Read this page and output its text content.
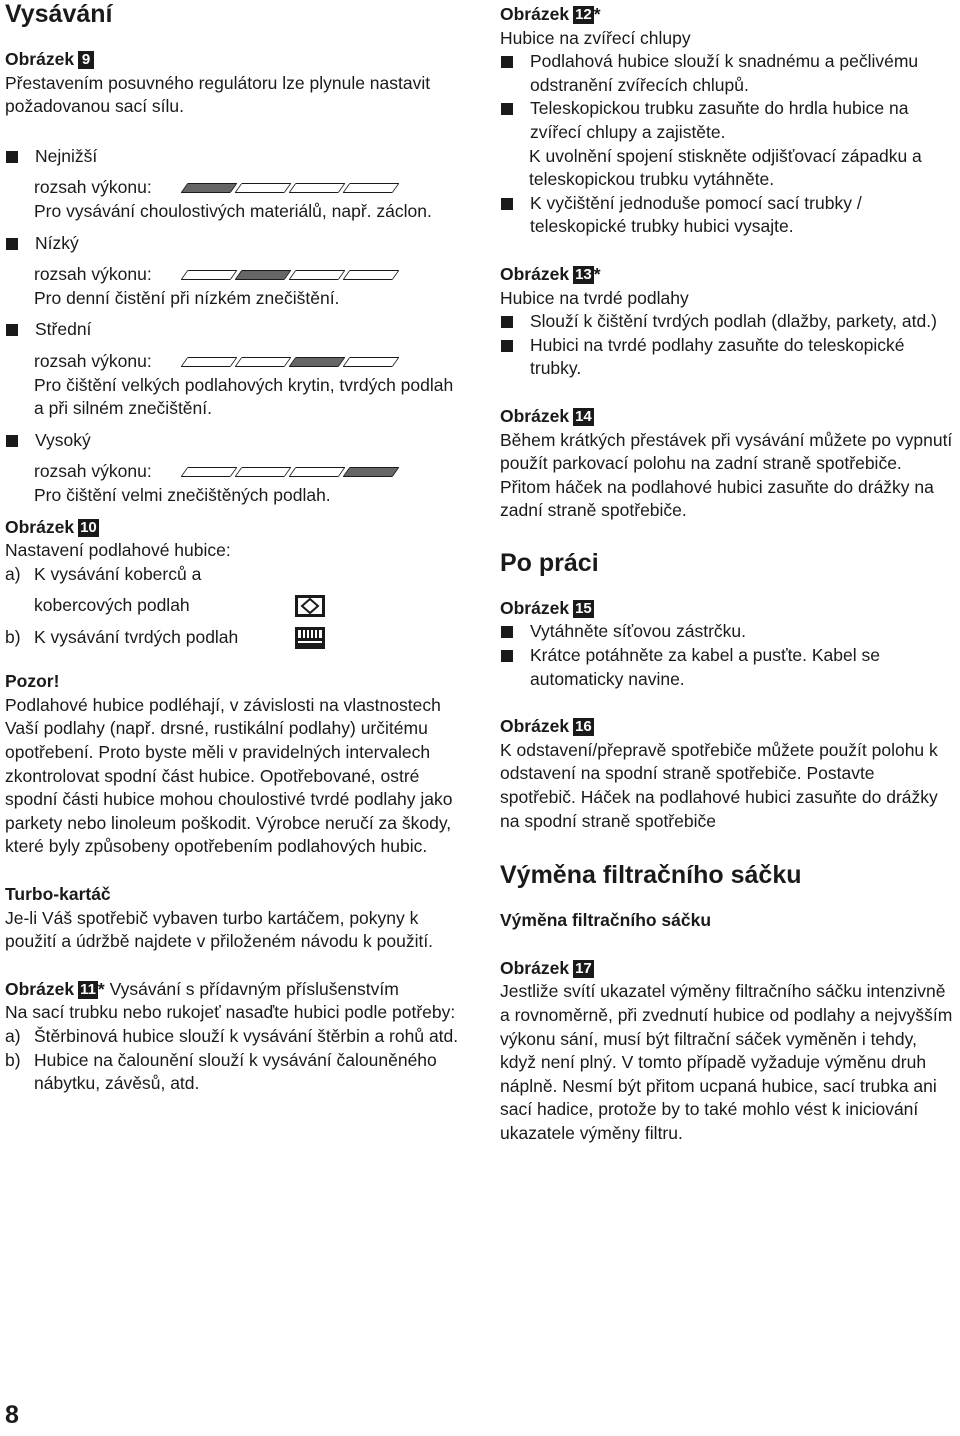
Vysávání

Obrázek 9

Přestavením posuvného regulátoru lze plynule nastavit požadovanou sací sílu.

Nejnižší

rozsah výkonu:

Pro vysávání choulostivých materiálů, např. záclon.

Nízký

rozsah výkonu:

Pro denní čistění při nízkém znečištění.

Střední

rozsah výkonu:

Pro čištění velkých podlahových krytin, tvrdých podlah a při silném znečištění.

Vysoký

rozsah výkonu:

Pro čištění velmi znečištěných podlah.

Obrázek 10

Nastavení podlahové hubice:

a) K vysávání koberců a
kobercových podlah
b) K vysávání tvrdých podlah

Pozor!

Podlahové hubice podléhají, v závislosti na vlastnostech Vaší podlahy (např. drsné, rustikální podlahy) určitému opotřebení. Proto byste měli v pravidelných intervalech zkontrolovat spodní část hubice. Opotřebované, ostré spodní části hubice mohou choulostivé tvrdé podlahy jako parkety nebo linoleum poškodit. Výrobce neručí za škody, které byly způsobeny opotřebením podlahových hubic.

Turbo-kartáč

Je-li Váš spotřebič vybaven turbo kartáčem, pokyny k použití a údržbě najdete v přiloženém návodu k použití.

Obrázek 11 * Vysávání s přídavným příslušenstvím

Na sací trubku nebo rukojeť nasaďte hubici podle potřeby:

a) Štěrbinová hubice slouží k vysávání štěrbin a rohů atd.
b) Hubice na čalounění slouží k vysávání čalouněného nábytku, závěsů, atd.
8

Obrázek 12 *

Hubice na zvířecí chlupy

Podlahová hubice slouží k snadnému a pečlivému odstranění zvířecích chlupů.

Teleskopickou trubku zasuňte do hrdla hubice na zvířecí chlupy a zajistěte.

K uvolnění spojení stiskněte odjišťovací západku a teleskopickou trubku vytáhněte.

K vyčištění jednoduše pomocí sací trubky / teleskopické trubky hubici vysajte.

Obrázek 13 *

Hubice na tvrdé podlahy

Slouží k čištění tvrdých podlah (dlažby, parkety, atd.)

Hubici na tvrdé podlahy zasuňte do teleskopické trubky.

Obrázek 14

Během krátkých přestávek při vysávání můžete po vypnutí použít parkovací polohu na zadní straně spotřebiče. Přitom háček na podlahové hubici zasuňte do drážky na zadní straně spotřebiče.

Po práci

Obrázek 15

Vytáhněte síťovou zástrčku.

Krátce potáhněte za kabel a pusťte. Kabel se automaticky navine.

Obrázek 16

K odstavení/přepravě spotřebiče můžete použít polohu k odstavení na spodní straně spotřebiče. Postavte spotřebič. Háček na podlahové hubici zasuňte do drážky na spodní straně spotřebiče

Výměna filtračního sáčku
Výměna filtračního sáčku

Obrázek 17

Jestliže svítí ukazatel výměny filtračního sáčku intenzivně a rovnoměrně, při zvednutí hubice od podlahy a nejvyšším výkonu sání, musí být filtrační sáček vyměněn i tehdy, když není plný. V tomto případě vyžaduje výměnu druh náplně. Nesmí být přitom ucpaná hubice, sací trubka ani sací hadice, protože by to také mohlo vést k iniciování ukazatele výměny filtru.
